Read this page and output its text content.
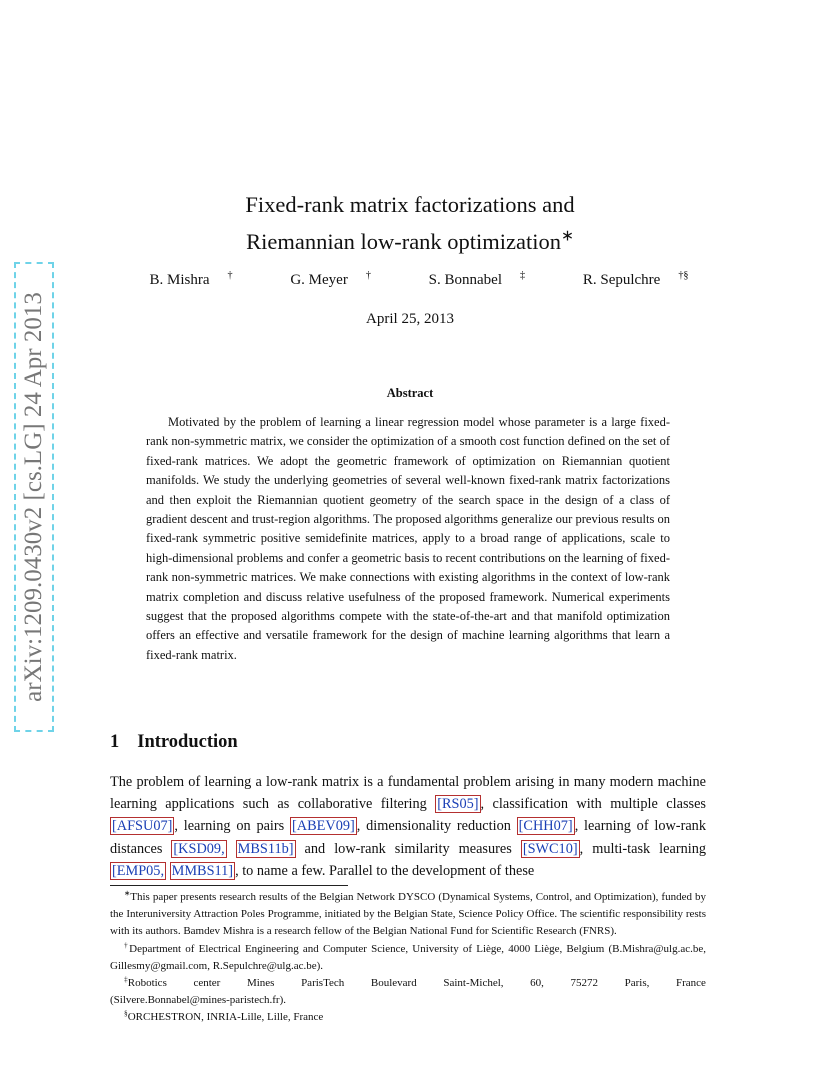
arXiv:1209.0430v2 [cs.LG] 24 Apr 2013
Fixed-rank matrix factorizations and
Riemannian low-rank optimization∗
B. Mishra †	G. Meyer †	S. Bonnabel ‡	R. Sepulchre †§
April 25, 2013
Abstract

Motivated by the problem of learning a linear regression model whose parameter is a large fixed-rank non-symmetric matrix, we consider the optimization of a smooth cost function defined on the set of fixed-rank matrices. We adopt the geometric framework of optimization on Riemannian quotient manifolds. We study the underlying geometries of several well-known fixed-rank matrix factorizations and then exploit the Riemannian quotient geometry of the search space in the design of a class of gradient descent and trust-region algorithms. The proposed algorithms generalize our previous results on fixed-rank symmetric positive semidefinite matrices, apply to a broad range of applications, scale to high-dimensional problems and confer a geometric basis to recent contributions on the learning of fixed-rank non-symmetric matrices. We make connections with existing algorithms in the context of low-rank matrix completion and discuss relative usefulness of the proposed framework. Numerical experiments suggest that the proposed algorithms compete with the state-of-the-art and that manifold optimization offers an effective and versatile framework for the design of machine learning algorithms that learn a fixed-rank matrix.

1 Introduction

The problem of learning a low-rank matrix is a fundamental problem arising in many modern machine learning applications such as collaborative filtering [RS05] , classification with multiple classes [AFSU07] , learning on pairs [ABEV09] , dimensionality reduction [CHH07] , learning of low-rank distances [KSD09, MBS11b] and low-rank similarity measures [SWC10] , multi-task learning [EMP05, MMBS11] , to name a few. Parallel to the development of these

∗This paper presents research results of the Belgian Network DYSCO (Dynamical Systems, Control, and Optimization), funded by the Interuniversity Attraction Poles Programme, initiated by the Belgian State, Science Policy Office. The scientific responsibility rests with its authors. Bamdev Mishra is a research fellow of the Belgian National Fund for Scientific Research (FNRS).

†Department of Electrical Engineering and Computer Science, University of Liège, 4000 Liège, Belgium (B.Mishra@ulg.ac.be, Gillesmy@gmail.com, R.Sepulchre@ulg.ac.be).

‡Robotics center Mines ParisTech Boulevard Saint-Michel, 60, 75272 Paris, France

(Silvere.Bonnabel@mines-paristech.fr).

§ORCHESTRON, INRIA-Lille, Lille, France
